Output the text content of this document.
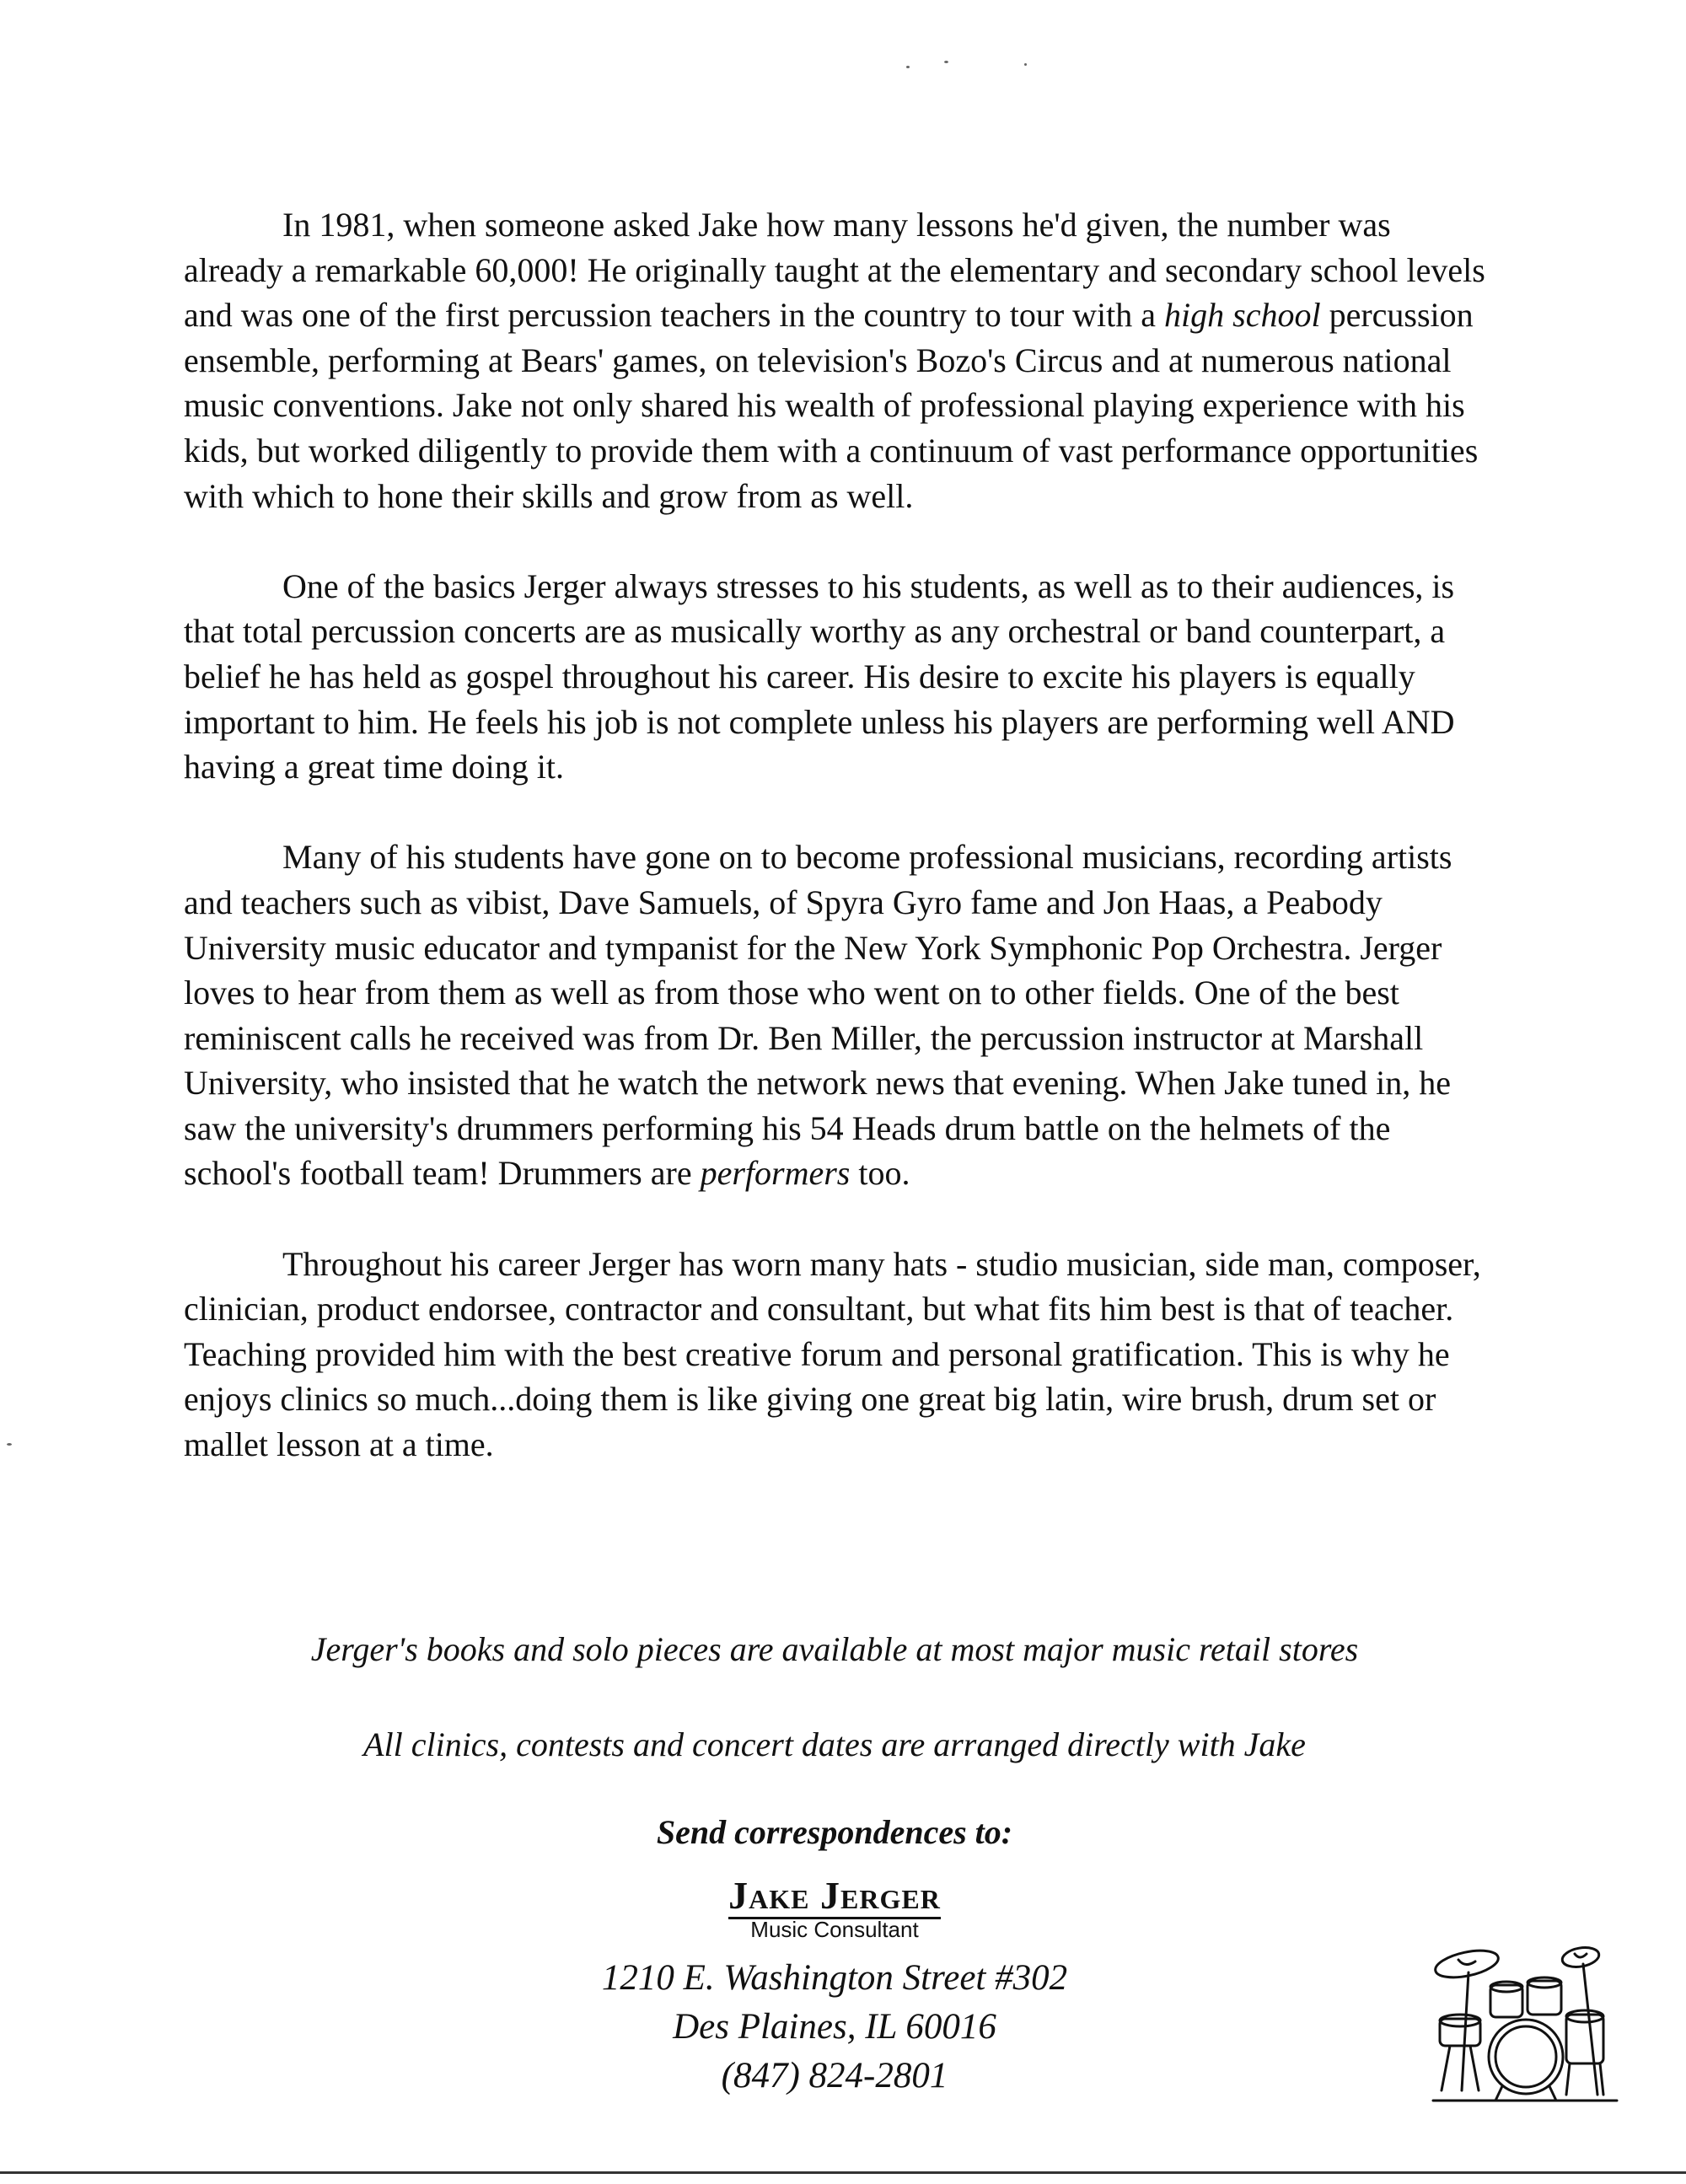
In 1981, when someone asked Jake how many lessons he'd given, the number was already a remarkable 60,000! He originally taught at the elementary and secondary school levels and was one of the first percussion teachers in the country to tour with a high school percussion ensemble, performing at Bears' games, on television's Bozo's Circus and at numerous national music conventions. Jake not only shared his wealth of professional playing experience with his kids, but worked diligently to provide them with a continuum of vast performance opportunities with which to hone their skills and grow from as well.

One of the basics Jerger always stresses to his students, as well as to their audiences, is that total percussion concerts are as musically worthy as any orchestral or band counterpart, a belief he has held as gospel throughout his career. His desire to excite his players is equally important to him. He feels his job is not complete unless his players are performing well AND having a great time doing it.

Many of his students have gone on to become professional musicians, recording artists and teachers such as vibist, Dave Samuels, of Spyra Gyro fame and Jon Haas, a Peabody University music educator and tympanist for the New York Symphonic Pop Orchestra. Jerger loves to hear from them as well as from those who went on to other fields. One of the best reminiscent calls he received was from Dr. Ben Miller, the percussion instructor at Marshall University, who insisted that he watch the network news that evening. When Jake tuned in, he saw the university's drummers performing his 54 Heads drum battle on the helmets of the school's football team! Drummers are performers too.

Throughout his career Jerger has worn many hats - studio musician, side man, composer, clinician, product endorsee, contractor and consultant, but what fits him best is that of teacher. Teaching provided him with the best creative forum and personal gratification. This is why he enjoys clinics so much...doing them is like giving one great big latin, wire brush, drum set or mallet lesson at a time.

Jerger's books and solo pieces are available at most major music retail stores
All clinics, contests and concert dates are arranged directly with Jake
Send correspondences to:
Jake Jerger
Music Consultant
1210 E. Washington Street #302
Des Plaines, IL 60016
(847) 824-2801
